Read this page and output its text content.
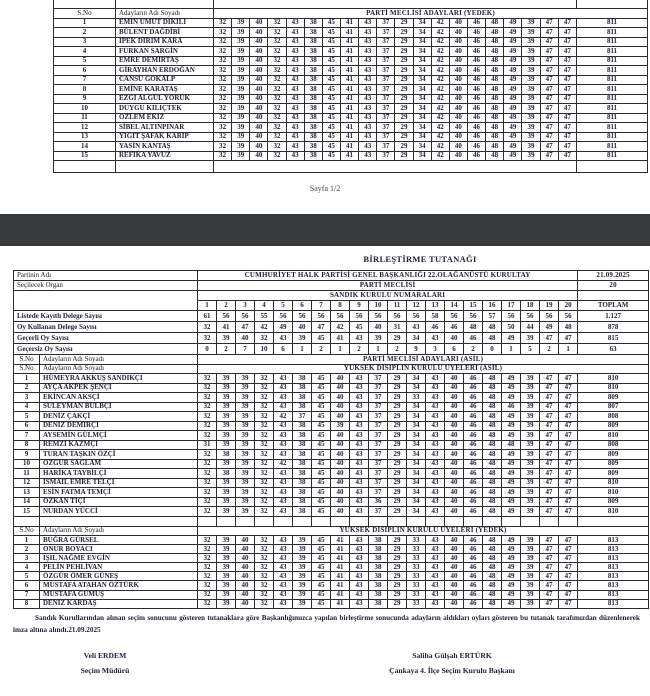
S.No	Adayların Adı Soyadı	PARTİ MECLİSİ ADAYLARI (YEDEK)																				
1	EMİN UMUT DİKİLİ	32	39	40	32	43	38	45	41	43	37	29	34	42	40	46	48	49	39	47	47	811
2	BÜLENT DAĞDİBİ	32	39	40	32	43	38	45	41	43	37	29	34	42	40	46	48	49	39	47	47	811
3	İPEK DİRİM KARA	32	39	40	32	43	38	45	41	43	37	29	34	42	40	46	48	49	39	47	47	811
4	FURKAN SARGİN	32	39	40	32	43	38	45	41	43	37	29	34	42	40	46	48	49	39	47	47	811
5	EMRE DEMİRTAŞ	32	39	40	32	43	38	45	41	43	37	29	34	42	40	46	48	49	39	47	47	811
6	GİRAYHAN ERDOĞAN	32	39	40	32	43	38	45	41	43	37	29	34	42	40	46	48	49	39	47	47	811
7	CANSU GÖKALP	32	39	40	32	43	38	45	41	43	37	29	34	42	40	46	48	49	39	47	47	811
8	EMİNE KARATAŞ	32	39	40	32	43	38	45	41	43	37	29	34	42	40	46	48	49	39	47	47	811
9	EZGİ ALGÜL YÖRÜK	32	39	40	32	43	38	45	41	43	37	29	34	42	40	46	48	49	39	47	47	811
10	DUYGU KILIÇTEK	32	39	40	32	43	38	45	41	43	37	29	34	42	40	46	48	49	39	47	47	811
11	ÖZLEM EKİZ	32	39	40	32	43	38	45	41	43	37	29	34	42	40	46	48	49	39	47	47	811
12	SİBEL ALTINPINAR	32	39	40	32	43	38	45	41	43	37	29	34	42	40	46	48	49	39	47	47	811
13	YİĞİT ŞAFAK KARİP	32	39	40	32	43	38	45	41	43	37	29	34	42	40	46	48	49	39	47	47	811
14	YASİN KANTAŞ	32	39	40	32	43	38	45	41	43	37	29	34	42	40	46	48	49	39	47	47	811
15	REFİKA YAVUZ	32	39	40	32	43	38	45	41	43	37	29	34	42	40	46	48	49	39	47	47	811

Sayfa 1/2
BİRLEŞTİRME TUTANAĞI
Partinin Adı		CUMHURİYET HALK PARTİSİ GENEL BAŞKANLIĞI 22.OLAĞANÜSTÜ KURULTAY																				21.09.2025
Seçilecek Organ		PARTİ MECLİSİ																				20
		SANDIK KURULU NUMARALARI																				
		1	2	3	4	5	6	7	8	9	10	11	12	13	14	15	16	17	18	19	20	TOPLAM
Listede Kayıtlı Delege Sayısı		61	56	56	55	56	56	56	56	56	56	56	56	58	56	56	57	56	56	56	56	1.127
Oy Kullanan Delege Sayısı		32	41	47	42	49	40	47	42	45	40	31	43	46	46	48	48	50	44	49	48	878
Geçerli Oy Sayısı		32	39	40	32	43	39	45	41	43	39	29	34	43	40	46	48	49	39	47	47	815
Geçersiz Oy Sayısı		0	2	7	10	6	1	2	1	2	1	2	9	3	6	2	0	1	5	2	1	63
S.No	Adayların Adı Soyadı	PARTİ MECLİSİ ADAYLARI (ASİL)																				
S.No	Adayların Adı Soyadı	YÜKSEK DİSİPLİN KURULU ÜYELERİ (ASİL)																				
1	HÜMEYRA AKKUŞ SANDIKÇI	32	39	39	32	43	38	45	40	43	37	29	34	43	40	46	48	49	39	47	47	810
2	AYÇA AKPEK ŞENÇİ	32	39	39	32	43	38	45	40	43	37	29	34	43	40	46	48	49	39	47	47	810
3	EKİNCAN AKSÇİ	32	39	39	32	43	38	45	40	43	37	29	33	43	40	46	48	49	39	47	47	809
4	SÜLEYMAN BÜLBÇİ	32	39	39	32	43	38	45	40	43	37	29	34	43	40	46	48	46	39	47	47	807
5	DENİZ ÇAKÇİ	32	39	39	32	42	37	45	40	43	37	29	34	43	40	46	48	49	39	47	47	808
6	DENİZ DEMİRÇİ	32	39	39	32	43	38	45	39	43	37	29	34	43	40	46	48	49	39	47	47	809
7	AYSEMİN GÜLMÇİ	32	39	39	32	43	38	45	40	43	37	29	34	43	40	46	48	49	39	47	47	810
8	REMZİ KAZMÇI	31	39	39	32	43	38	45	40	43	37	29	34	43	40	46	48	48	39	47	47	808
9	TURAN TAŞKIN ÖZÇİ	32	38	39	32	43	38	45	40	43	37	29	34	43	40	46	48	49	39	47	47	809
10	ÖZGÜR SAĞLAM	32	39	39	32	42	38	45	40	43	37	29	34	43	40	46	48	49	39	47	47	809
11	HARİKA TAYBİLÇİ	32	38	39	32	43	38	45	40	43	37	29	34	43	40	46	48	49	39	47	47	809
12	İSMAİL EMRE TELÇİ	32	39	39	32	43	38	45	40	43	37	29	34	43	40	46	48	49	39	47	47	810
13	ESİN FATMA TEMÇİ	32	39	39	32	43	38	45	40	43	37	29	34	43	40	46	48	49	39	47	47	810
14	ÖZKAN TİÇİ	32	39	39	32	43	38	45	40	43	36	29	34	43	40	46	48	49	39	47	47	809
15	NURDAN YÜCCİ	32	39	39	32	43	38	45	40	43	37	29	34	43	40	46	48	49	39	47	47	810

S.No	Adayların Adı Soyadı	YÜKSEK DİSİPLİN KURULU ÜYELERİ (YEDEK)																				
1	BUĞRA GÜRSEL	32	39	40	32	43	39	45	41	43	38	29	33	43	40	46	48	49	39	47	47	813
2	ONUR BOYACI	32	39	40	32	43	39	45	41	43	38	29	33	43	40	46	48	49	39	47	47	813
3	IŞIL NAĞME EVGİN	32	39	40	32	43	39	45	41	43	38	29	33	43	40	46	48	49	39	47	47	813
4	PELİN PEHLİVAN	32	39	40	32	43	39	45	41	43	38	29	33	43	40	46	48	49	39	47	47	813
5	ÖZGÜR ÖMER GÜNEŞ	32	39	40	32	43	39	45	41	43	38	29	33	43	40	46	48	49	39	47	47	813
6	MUSTAFA ATAHAN ÖZTÜRK	32	39	40	32	43	39	45	41	43	38	29	33	43	40	46	48	49	39	47	47	813
7	MUSTAFA GÜMÜŞ	32	39	40	32	43	39	45	41	43	38	29	33	43	40	46	48	49	39	47	47	813
8	DENİZ KARDAŞ	32	39	40	32	43	39	45	41	43	38	29	33	43	40	46	48	49	39	47	47	813
Sandık Kurullarından alınan seçim sonucunu gösteren tutanaklara göre Başkanlığımızca yapılan birleştirme sonucunda adayların aldıkları oyları gösteren bu tutanak tarafımızdan düzenlenerek imza altına alındı.21.09.2025
Veli ERDEM
Seçim Müdürü
Saliha Gülşah ERTÜRK
Çankaya 4. İlçe Seçim Kurulu Başkanı
